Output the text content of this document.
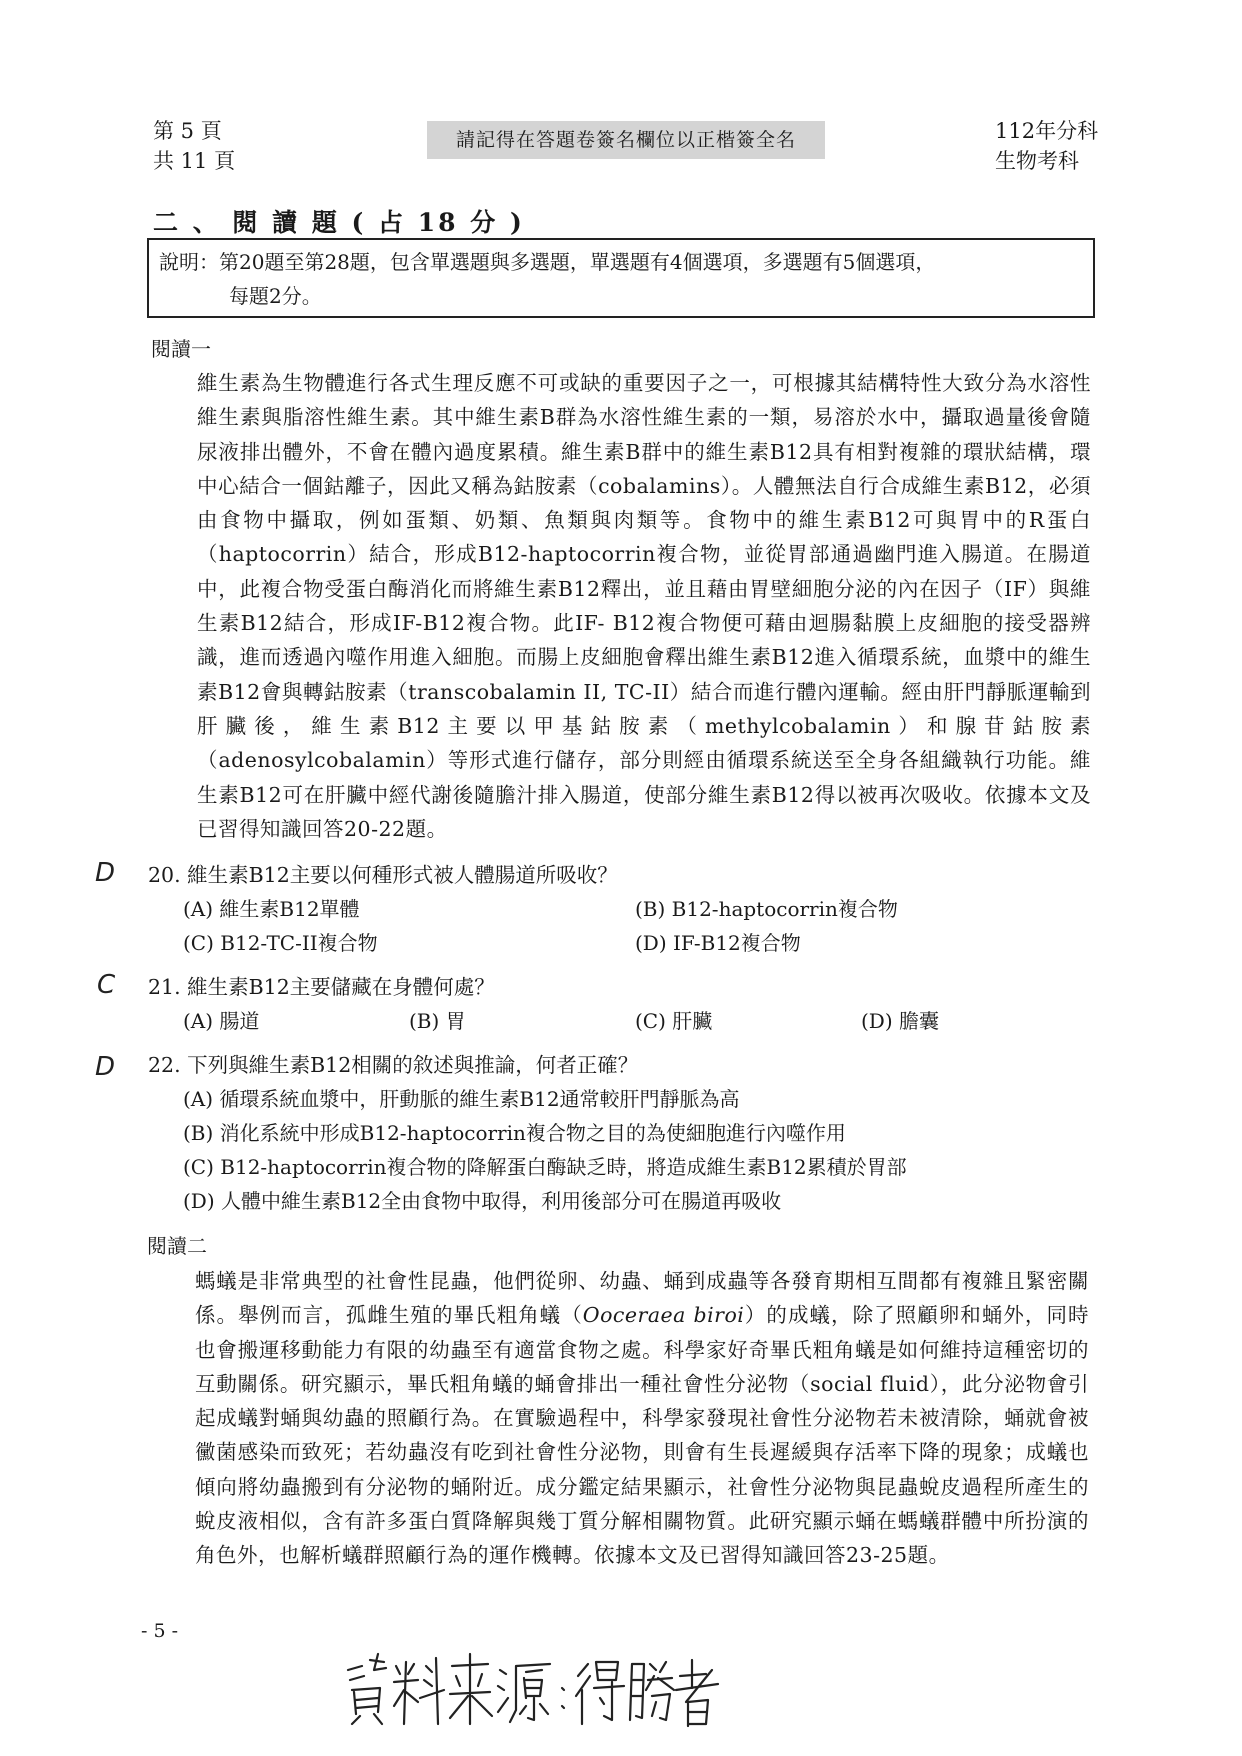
第 5 頁
共 11 頁
請記得在答題卷簽名欄位以正楷簽全名	112年分科
生物考科
二 、 閱 讀 題 ( 占 18 分 )
說明：第20題至第28題，包含單選題與多選題，單選題有4個選項，多選題有5個選項，
每題2分。
閱讀一
維生素為生物體進行各式生理反應不可或缺的重要因子之一，可根據其結構特性大致分為水溶性維生素與脂溶性維生素。其中維生素B群為水溶性維生素的一類，易溶於水中，攝取過量後會隨尿液排出體外，不會在體內過度累積。維生素B群中的維生素B12具有相對複雜的環狀結構，環中心結合一個鈷離子，因此又稱為鈷胺素（cobalamins）。人體無法自行合成維生素B12，必須由食物中攝取，例如蛋類、奶類、魚類與肉類等。食物中的維生素B12可與胃中的R蛋白（haptocorrin）結合，形成B12-haptocorrin複合物，並從胃部通過幽門進入腸道。在腸道中，此複合物受蛋白酶消化而將維生素B12釋出，並且藉由胃壁細胞分泌的內在因子（IF）與維生素B12結合，形成IF-B12複合物。此IF- B12複合物便可藉由迴腸黏膜上皮細胞的接受器辨識，進而透過內噬作用進入細胞。而腸上皮細胞會釋出維生素B12進入循環系統，血漿中的維生素B12會與轉鈷胺素（transcobalamin II, TC-II）結合而進行體內運輸。經由肝門靜脈運輸到肝臟後，維生素B12主要以甲基鈷胺素（methylcobalamin）和腺苷鈷胺素（adenosylcobalamin）等形式進行儲存，部分則經由循環系統送至全身各組織執行功能。維生素B12可在肝臟中經代謝後隨膽汁排入腸道，使部分維生素B12得以被再次吸收。依據本文及已習得知識回答20-22題。
D 20. 維生素B12主要以何種形式被人體腸道所吸收？
(A) 維生素B12單體	(B) B12-haptocorrin複合物
(C) B12-TC-II複合物	(D) IF-B12複合物
C 21. 維生素B12主要儲藏在身體何處？
(A) 腸道	(B) 胃	(C) 肝臟	(D) 膽囊
D 22. 下列與維生素B12相關的敘述與推論，何者正確？
(A) 循環系統血漿中，肝動脈的維生素B12通常較肝門靜脈為高
(B) 消化系統中形成B12-haptocorrin複合物之目的為使細胞進行內噬作用
(C) B12-haptocorrin複合物的降解蛋白酶缺乏時，將造成維生素B12累積於胃部
(D) 人體中維生素B12全由食物中取得，利用後部分可在腸道再吸收
閱讀二
螞蟻是非常典型的社會性昆蟲，他們從卵、幼蟲、蛹到成蟲等各發育期相互間都有複雜且緊密關係。舉例而言，孤雌生殖的畢氏粗角蟻（Ooceraea biroi）的成蟻，除了照顧卵和蛹外，同時也會搬運移動能力有限的幼蟲至有適當食物之處。科學家好奇畢氏粗角蟻是如何維持這種密切的互動關係。研究顯示，畢氏粗角蟻的蛹會排出一種社會性分泌物（social fluid），此分泌物會引起成蟻對蛹與幼蟲的照顧行為。在實驗過程中，科學家發現社會性分泌物若未被清除，蛹就會被黴菌感染而致死；若幼蟲沒有吃到社會性分泌物，則會有生長遲緩與存活率下降的現象；成蟻也傾向將幼蟲搬到有分泌物的蛹附近。成分鑑定結果顯示，社會性分泌物與昆蟲蛻皮過程所產生的蛻皮液相似，含有許多蛋白質降解與幾丁質分解相關物質。此研究顯示蛹在螞蟻群體中所扮演的角色外，也解析蟻群照顧行為的運作機轉。依據本文及已習得知識回答23-25題。
- 5 -
